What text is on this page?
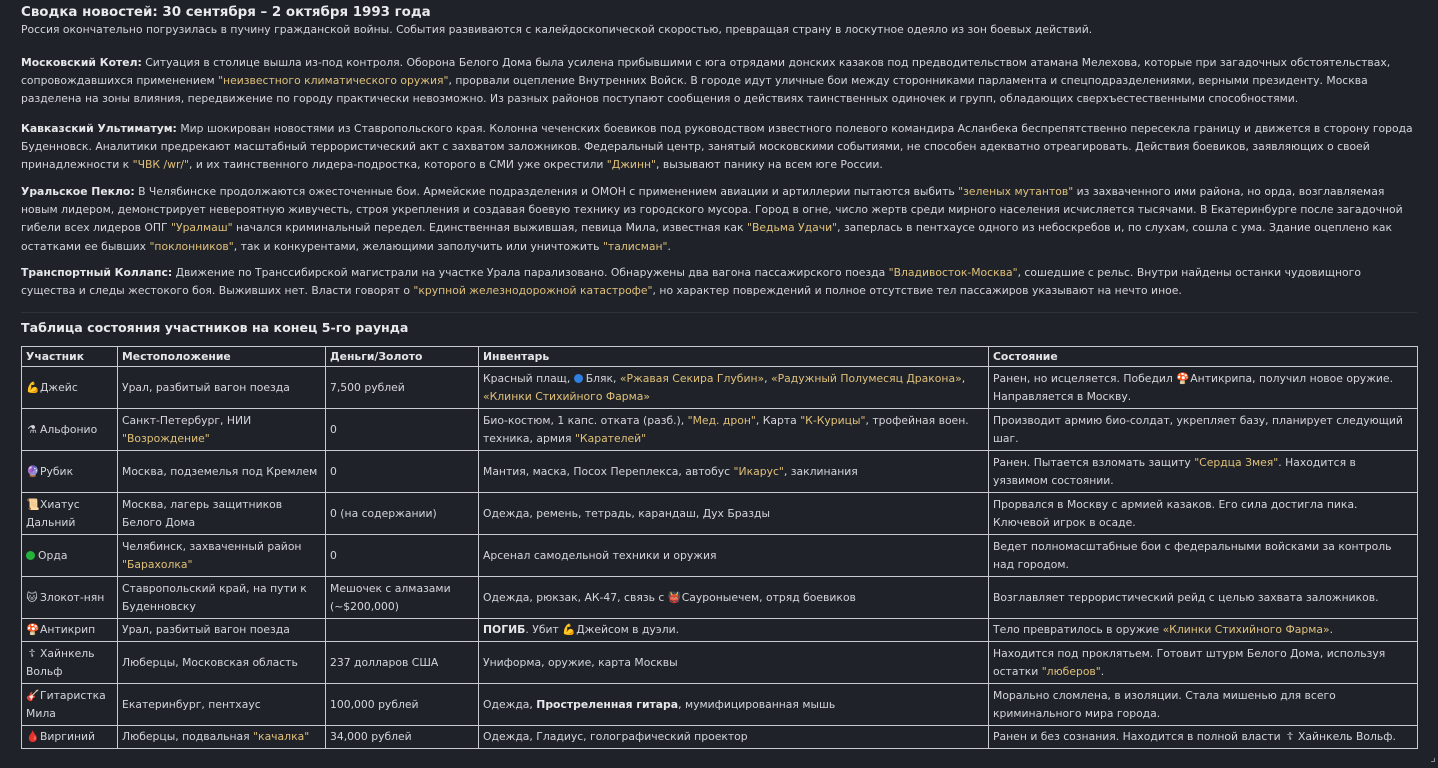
Сводка новостей: 30 сентября – 2 октября 1993 года

Россия окончательно погрузилась в пучину гражданской войны. События развиваются с калейдоскопической скоростью, превращая страну в лоскутное одеяло из зон боевых действий.

Московский Котел: Ситуация в столице вышла из-под контроля. Оборона Белого Дома была усилена прибывшими с юга отрядами донских казаков под предводительством атамана Мелехова, которые при загадочных обстоятельствах, сопровождавшихся применением "неизвестного климатического оружия", прорвали оцепление Внутренних Войск. В городе идут уличные бои между сторонниками парламента и спецподразделениями, верными президенту. Москва разделена на зоны влияния, передвижение по городу практически невозможно. Из разных районов поступают сообщения о действиях таинственных одиночек и групп, обладающих сверхъестественными способностями.

Кавказский Ультиматум: Мир шокирован новостями из Ставропольского края. Колонна чеченских боевиков под руководством известного полевого командира Асланбека беспрепятственно пересекла границу и движется в сторону города Буденновск. Аналитики предрекают масштабный террористический акт с захватом заложников. Федеральный центр, занятый московскими событиями, не способен адекватно отреагировать. Действия боевиков, заявляющих о своей принадлежности к "ЧВК /wr/", и их таинственного лидера-подростка, которого в СМИ уже окрестили "Джинн", вызывают панику на всем юге России.

Уральское Пекло: В Челябинске продолжаются ожесточенные бои. Армейские подразделения и ОМОН с применением авиации и артиллерии пытаются выбить "зеленых мутантов" из захваченного ими района, но орда, возглавляемая новым лидером, демонстрирует невероятную живучесть, строя укрепления и создавая боевую технику из городского мусора. Город в огне, число жертв среди мирного населения исчисляется тысячами. В Екатеринбурге после загадочной гибели всех лидеров ОПГ "Уралмаш" начался криминальный передел. Единственная выжившая, певица Мила, известная как "Ведьма Удачи", заперлась в пентхаусе одного из небоскребов и, по слухам, сошла с ума. Здание оцеплено как остатками ее бывших "поклонников", так и конкурентами, желающими заполучить или уничтожить "талисман".

Транспортный Коллапс: Движение по Транссибирской магистрали на участке Урала парализовано. Обнаружены два вагона пассажирского поезда "Владивосток-Москва", сошедшие с рельс. Внутри найдены останки чудовищного существа и следы жестокого боя. Выживших нет. Власти говорят о "крупной железнодорожной катастрофе", но характер повреждений и полное отсутствие тел пассажиров указывают на нечто иное.

Таблица состояния участников на конец 5-го раунда
Участник	Местоположение	Деньги/Золото	Инвентарь	Состояние
💪Джейс	Урал, разбитый вагон поезда	7,500 рублей	Красный плащ, Бляк, «Ржавая Секира Глубин», «Радужный Полумесяц Дракона», «Клинки Стихийного Фарма»	Ранен, но исцеляется. Победил 🍄Антикрипа, получил новое оружие. Направляется в Москву.
⚗ Альфонио	Санкт-Петербург, НИИ "Возрождение"	0	Био-костюм, 1 капс. отката (разб.), "Мед. дрон", Карта "К-Курицы", трофейная воен. техника, армия "Карателей"	Производит армию био-солдат, укрепляет базу, планирует следующий шаг.
🔮Рубик	Москва, подземелья под Кремлем	0	Мантия, маска, Посох Переплекса, автобус "Икарус", заклинания	Ранен. Пытается взломать защиту "Сердца Змея". Находится в уязвимом состоянии.
📜Хиатус Дальний	Москва, лагерь защитников Белого Дома	0 (на содержании)	Одежда, ремень, тетрадь, карандаш, Дух Бразды	Прорвался в Москву с армией казаков. Его сила достигла пика. Ключевой игрок в осаде.
Орда	Челябинск, захваченный район "Барахолка"	0	Арсенал самодельной техники и оружия	Ведет полномасштабные бои с федеральными войсками за контроль над городом.
🐱 Злокот-нян	Ставропольский край, на пути к Буденновску	Мешочек с алмазами (~$200,000)	Одежда, рюкзак, АК-47, связь с 👹Сауроныечем, отряд боевиков	Возглавляет террористический рейд с целью захвата заложников.
🍄Антикрип	Урал, разбитый вагон поезда		ПОГИБ. Убит 💪Джейсом в дуэли.	Тело превратилось в оружие «Клинки Стихийного Фарма».
☦ Хайнкель Вольф	Люберцы, Московская область	237 долларов США	Униформа, оружие, карта Москвы	Находится под проклятьем. Готовит штурм Белого Дома, используя остатки "люберов".
🎸Гитаристка Мила	Екатеринбург, пентхаус	100,000 рублей	Одежда, Простреленная гитара, мумифицированная мышь	Морально сломлена, в изоляции. Стала мишенью для всего криминального мира города.
🩸Виргиний	Люберцы, подвальная "качалка"	34,000 рублей	Одежда, Гладиус, голографический проектор	Ранен и без сознания. Находится в полной власти ☦ Хайнкель Вольф.
⌟
